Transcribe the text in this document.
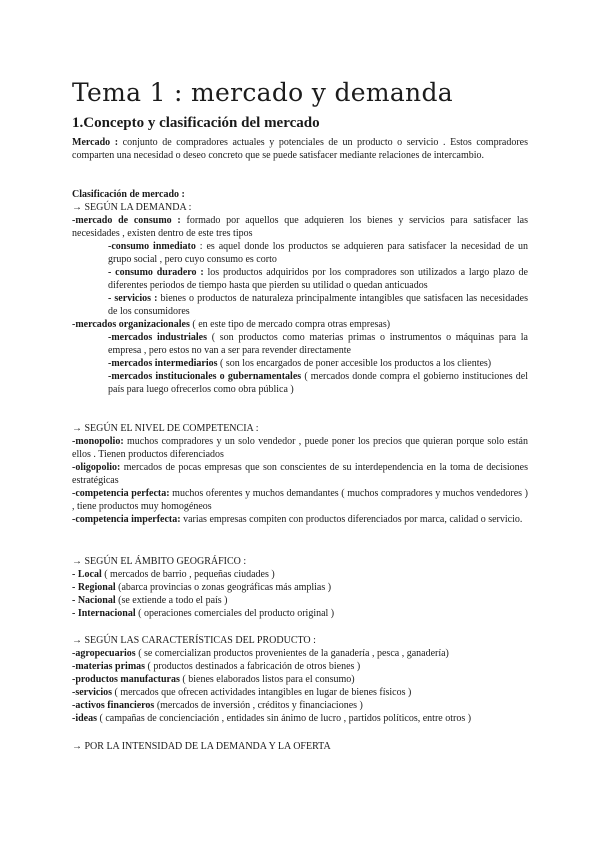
Tema 1 : mercado y demanda
1.Concepto y clasificación del mercado

Mercado : conjunto de compradores actuales y potenciales de un producto o servicio . Estos compradores comparten una necesidad o deseo concreto que se puede satisfacer mediante relaciones de intercambio.

Clasificación de mercado :

→ SEGÚN LA DEMANDA :

-mercado de consumo : formado por aquellos que adquieren los bienes y servicios para satisfacer las necesidades , existen dentro de este tres tipos

-consumo inmediato : es aquel donde los productos se adquieren para satisfacer la necesidad de un grupo social , pero cuyo consumo es corto

- consumo duradero : los productos adquiridos por los compradores son utilizados a largo plazo de diferentes periodos de tiempo hasta que pierden su utilidad o quedan anticuados

- servicios : bienes o productos de naturaleza principalmente intangibles que satisfacen las necesidades de los consumidores

-mercados organizacionales ( en este tipo de mercado compra otras empresas)

-mercados industriales ( son productos como materias primas o instrumentos o máquinas para la empresa , pero estos no van a ser para revender directamente

-mercados intermediarios ( son los encargados de poner accesible los productos a los clientes)

-mercados institucionales o gubernamentales ( mercados donde compra el gobierno instituciones del país para luego ofrecerlos como obra pública )

→ SEGÚN EL NIVEL DE COMPETENCIA :

-monopolio: muchos compradores y un solo vendedor , puede poner los precios que quieran porque solo están ellos . Tienen productos diferenciados

-oligopolio: mercados de pocas empresas que son conscientes de su interdependencia en la toma de decisiones estratégicas

-competencia perfecta: muchos oferentes y muchos demandantes ( muchos compradores y muchos vendedores ) , tiene productos muy homogéneos

-competencia imperfecta: varias empresas compiten con productos diferenciados por marca, calidad o servicio.

→ SEGÚN EL ÁMBITO GEOGRÁFICO :

- Local ( mercados de barrio , pequeñas ciudades )

- Regional (abarca provincias o zonas geográficas más amplias )

- Nacional (se extiende a todo el país )

- Internacional ( operaciones comerciales del producto original )

→ SEGÚN LAS CARACTERÍSTICAS DEL PRODUCTO :

-agropecuarios ( se comercializan productos provenientes de la ganadería , pesca , ganadería)

-materias primas ( productos destinados a fabricación de otros bienes )

-productos manufacturas ( bienes elaborados listos para el consumo)

-servicios ( mercados que ofrecen actividades intangibles en lugar de bienes físicos )

-activos financieros (mercados de inversión , créditos y financiaciones )

-ideas ( campañas de concienciación , entidades sin ánimo de lucro , partidos políticos, entre otros )

→ POR LA INTENSIDAD DE LA DEMANDA Y LA OFERTA
